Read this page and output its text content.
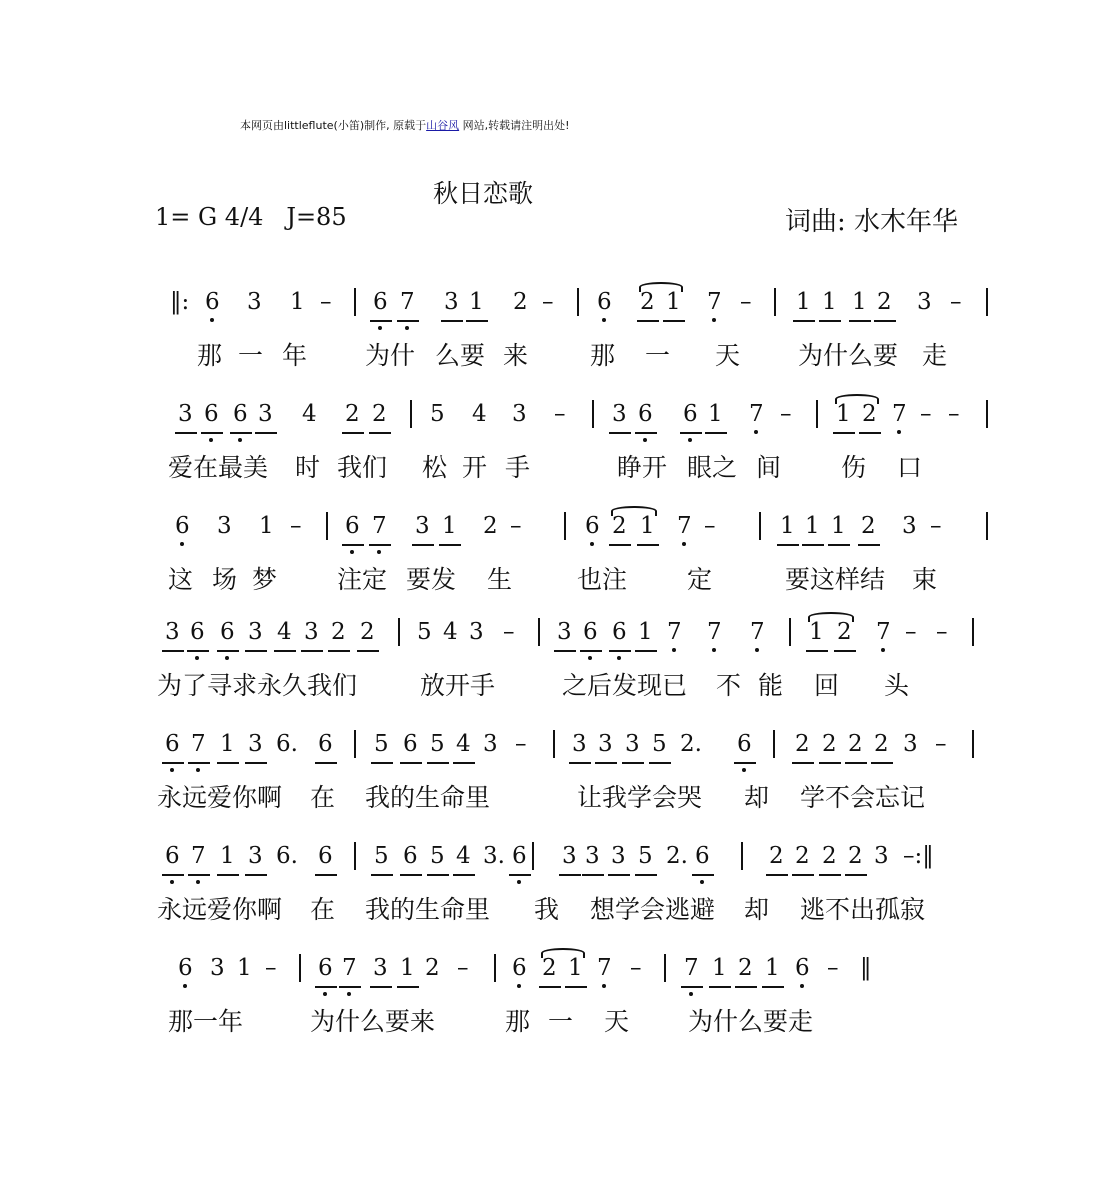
本网页由littleflute(小笛)制作, 原载于山谷风 网站,转载请注明出处!
秋日恋歌
1= G 4/4   J=85	词曲: 水木年华
‖: 6 3 1 – 6 7 3 1 2 – 6 2 1 7 – 1 1 1 2 3 –
那 一 年 为什 么要 来 那 一 天 为什么要 走
3 6 6 3 4 2 2 5 4 3 – 3 6 6 1 7 – 1 2 7 – –
爱在最美 时 我们 松 开 手	睁开 眼之 间 伤 口
6 3 1 – 6 7 3 1 2 –	6 2 1 7 –	1 1 1 2 3 –
这 场 梦 注定 要发 生	也注 定	要这样结 束
3 6 6 3 4 3 2 2 5 4 3 – 3 6 6 1 7 7 7 1 2 7 – –
为了寻求永久我们	放开手	之后发现已 不 能 回 头
6 7 1 3 6. 6 5 6 5 4 3 – 3 3 3 5 2. 6 2 2 2 2 3 –
永远爱你啊 在 我的生命里	让我学会哭 却 学不会忘记
6 7 1 3 6. 6 5 6 5 4 3. 6 3 3 3 5 2. 6	2 2 2 2 3 –:‖
永远爱你啊 在 我的生命里 我 想学会逃避 却 逃不出孤寂
6 3 1 – 6 7 3 1 2 – 6 2 1 7 – 7 1 2 1 6 – ‖
那一年	为什么要来	那 一 天 为什么要走
